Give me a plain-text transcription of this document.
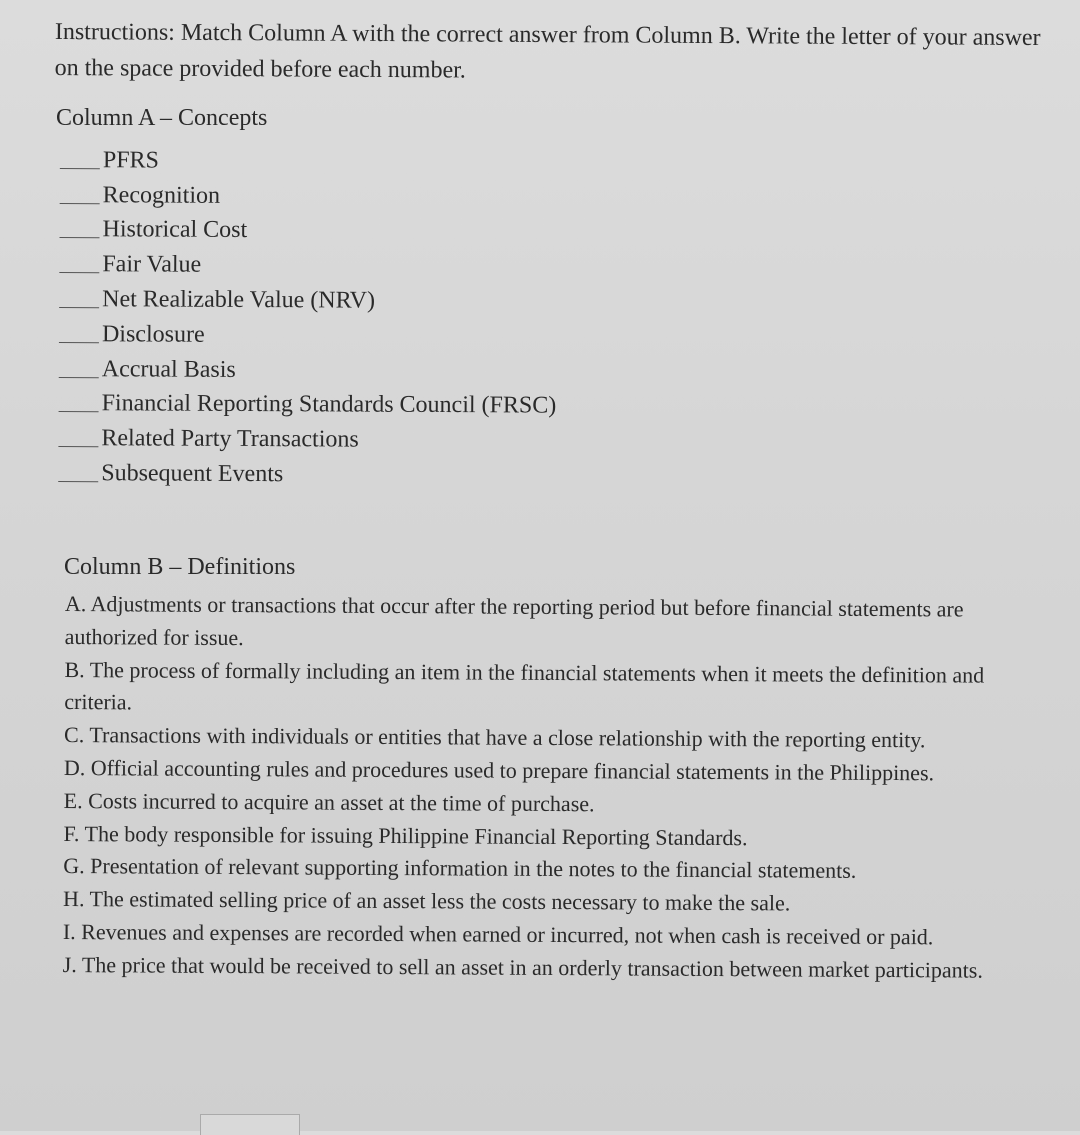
Instructions: Match Column A with the correct answer from Column B. Write the letter of your answer on the space provided before each number.
Column A – Concepts
PFRS
Recognition
Historical Cost
Fair Value
Net Realizable Value (NRV)
Disclosure
Accrual Basis
Financial Reporting Standards Council (FRSC)
Related Party Transactions
Subsequent Events
Column B – Definitions
A. Adjustments or transactions that occur after the reporting period but before financial statements are authorized for issue.
B. The process of formally including an item in the financial statements when it meets the definition and criteria.
C. Transactions with individuals or entities that have a close relationship with the reporting entity.
D. Official accounting rules and procedures used to prepare financial statements in the Philippines.
E. Costs incurred to acquire an asset at the time of purchase.
F. The body responsible for issuing Philippine Financial Reporting Standards.
G. Presentation of relevant supporting information in the notes to the financial statements.
H. The estimated selling price of an asset less the costs necessary to make the sale.
I. Revenues and expenses are recorded when earned or incurred, not when cash is received or paid.
J. The price that would be received to sell an asset in an orderly transaction between market participants.
